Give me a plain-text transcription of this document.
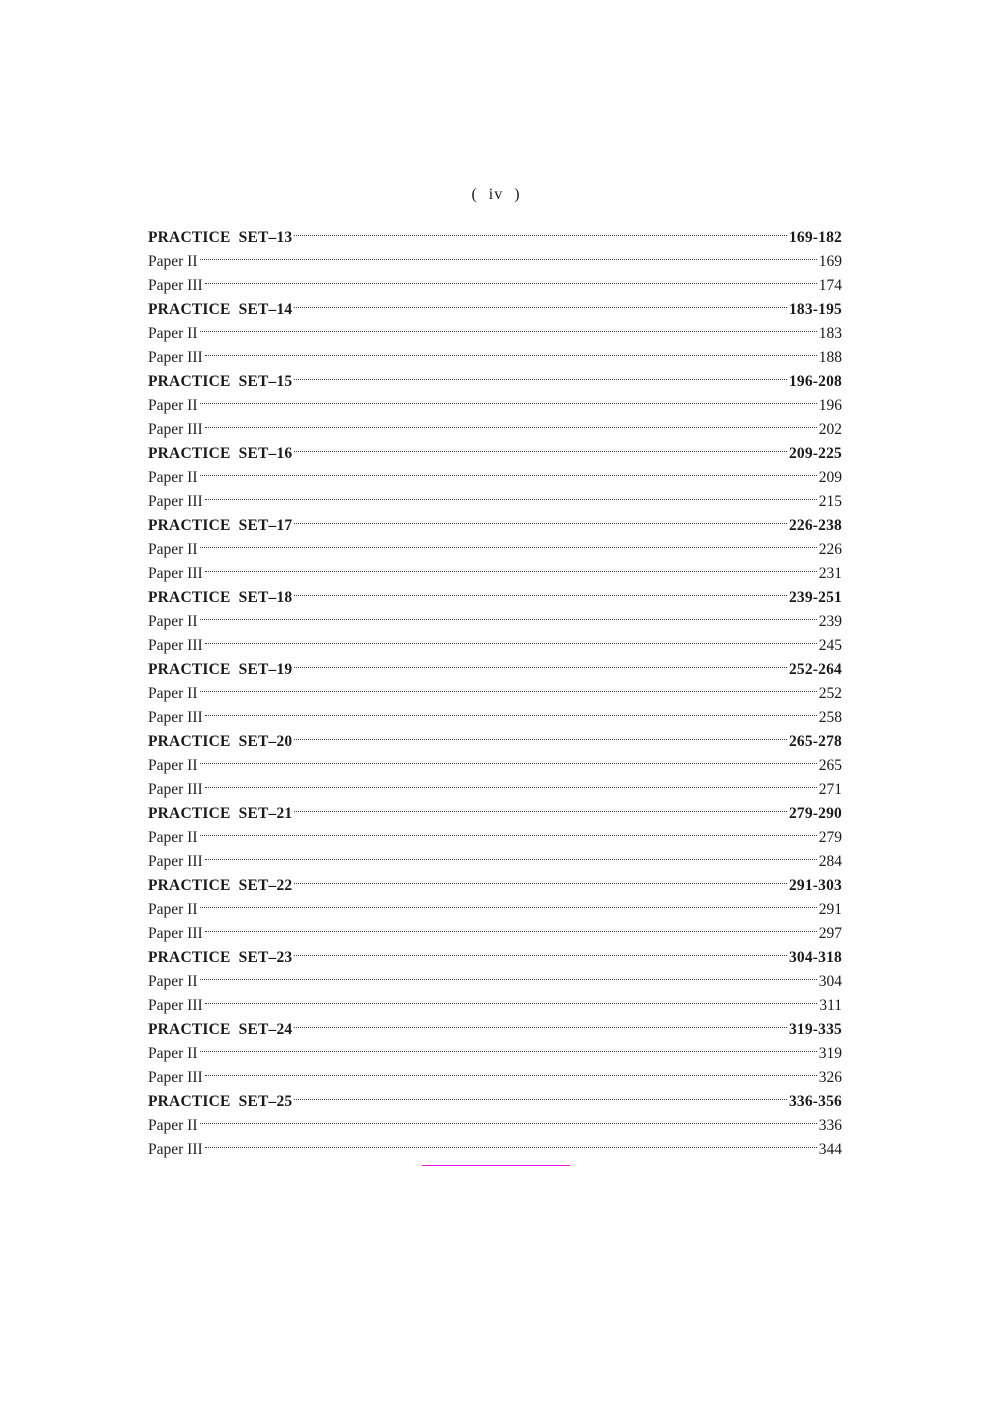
( iv )
PRACTICE SET–13	169-182
Paper II	169
Paper III	174
PRACTICE SET–14	183-195
Paper II	183
Paper III	188
PRACTICE SET–15	196-208
Paper II	196
Paper III	202
PRACTICE SET–16	209-225
Paper II	209
Paper III	215
PRACTICE SET–17	226-238
Paper II	226
Paper III	231
PRACTICE SET–18	239-251
Paper II	239
Paper III	245
PRACTICE SET–19	252-264
Paper II	252
Paper III	258
PRACTICE SET–20	265-278
Paper II	265
Paper III	271
PRACTICE SET–21	279-290
Paper II	279
Paper III	284
PRACTICE SET–22	291-303
Paper II	291
Paper III	297
PRACTICE SET–23	304-318
Paper II	304
Paper III	311
PRACTICE SET–24	319-335
Paper II	319
Paper III	326
PRACTICE SET–25	336-356
Paper II	336
Paper III	344
